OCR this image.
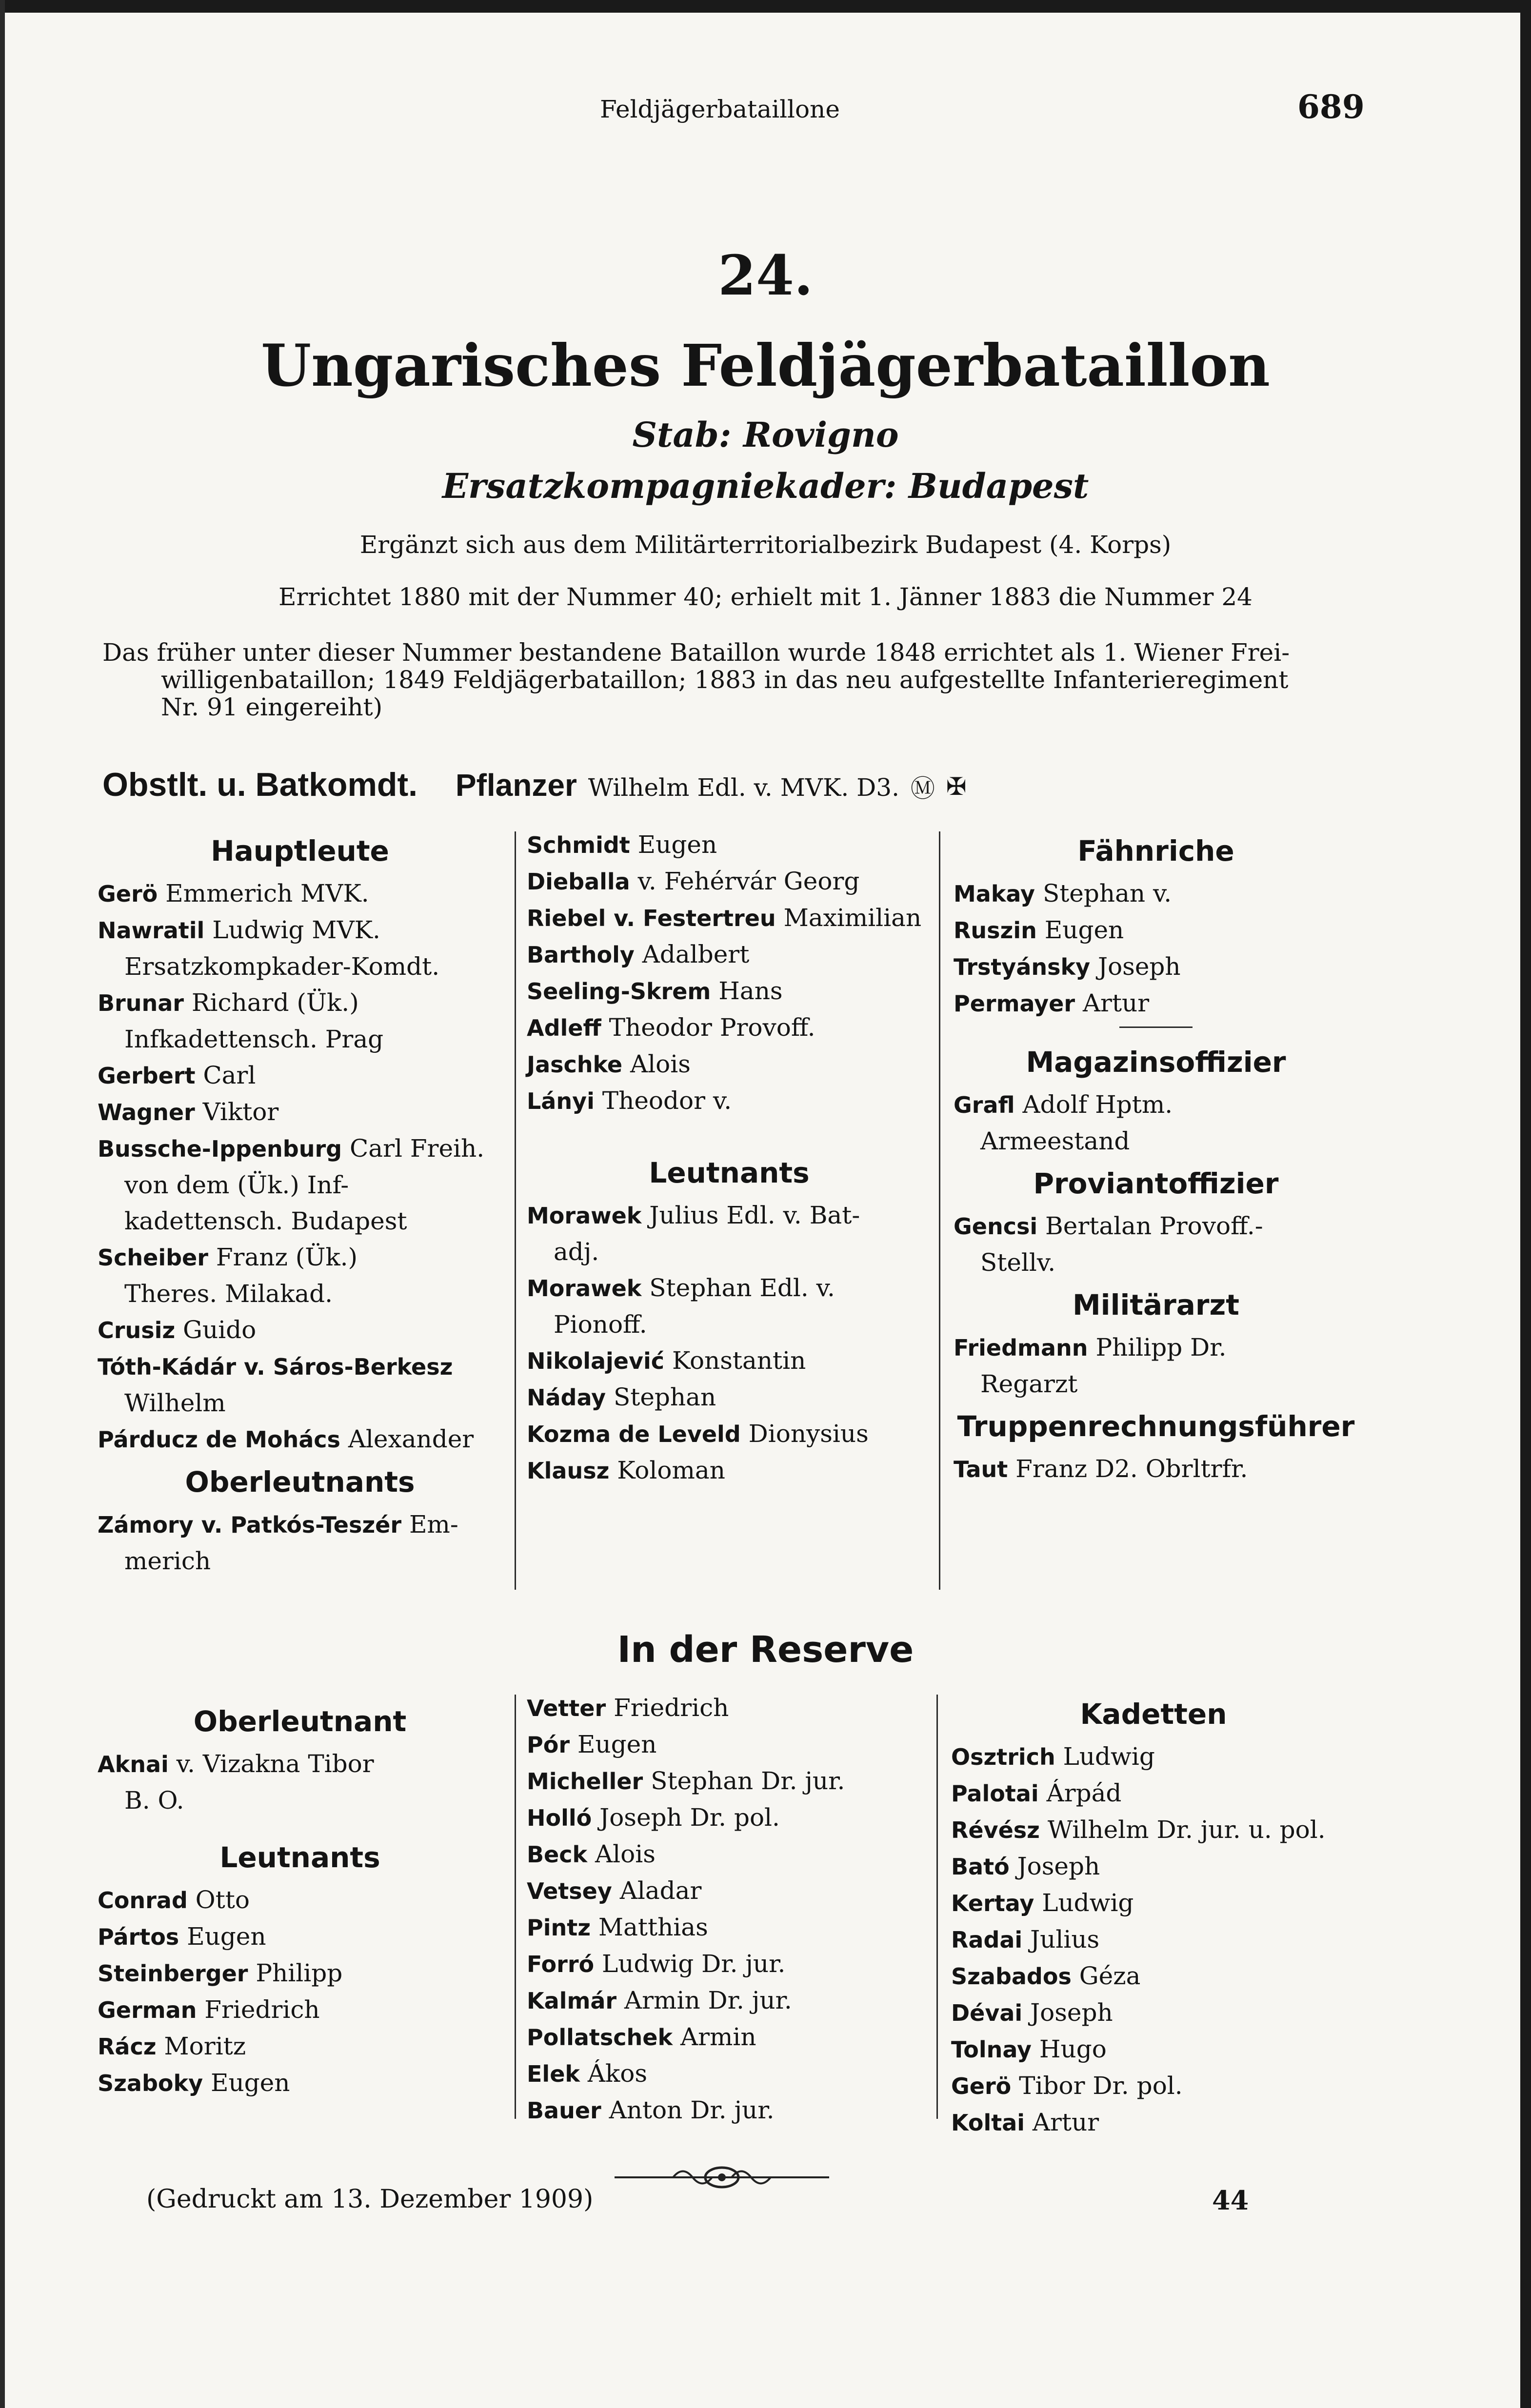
Feldjägerbataillone	689
24.
Ungarisches Feldjägerbataillon
Stab: Rovigno
Ersatzkompagniekader: Budapest
Ergänzt sich aus dem Militärterritorialbezirk Budapest (4. Korps)
Errichtet 1880 mit der Nummer 40; erhielt mit 1. Jänner 1883 die Nummer 24
Das früher unter dieser Nummer bestandene Bataillon wurde 1848 errichtet als 1. Wiener Frei-
willigenbataillon; 1849 Feldjägerbataillon; 1883 in das neu aufgestellte Infanterieregiment
Nr. 91 eingereiht)
Obstlt. u. Batkomdt. Pflanzer Wilhelm Edl. v. MVK. D3. Ⓜ ✠

Hauptleute

Gerö Emmerich MVK.

Nawratil Ludwig MVK.

Ersatzkompkader-Komdt.

Brunar Richard (Ük.)

Infkadettensch. Prag

Gerbert Carl

Wagner Viktor

Bussche-Ippenburg Carl Freih.

von dem (Ük.) Inf-

kadettensch. Budapest

Scheiber Franz (Ük.)

Theres. Milakad.

Crusiz Guido

Tóth-Kádár v. Sáros-Berkesz

Wilhelm

Párducz de Mohács Alexander

Oberleutnants

Zámory v. Patkós-Teszér Em-

merich

Schmidt Eugen

Dieballa v. Fehérvár Georg

Riebel v. Festertreu Maximilian

Bartholy Adalbert

Seeling-Skrem Hans

Adleff Theodor Provoff.

Jaschke Alois

Lányi Theodor v.

Leutnants

Morawek Julius Edl. v. Bat-

adj.

Morawek Stephan Edl. v.

Pionoff.

Nikolajević Konstantin

Náday Stephan

Kozma de Leveld Dionysius

Klausz Koloman

Fähnriche

Makay Stephan v.

Ruszin Eugen

Trstyánsky Joseph

Permayer Artur

Magazinsoffizier

Grafl Adolf Hptm.

Armeestand

Proviantoffizier

Gencsi Bertalan Provoff.-

Stellv.

Militärarzt

Friedmann Philipp Dr.

Regarzt

Truppenrechnungsführer

Taut Franz D2. Obrltrfr.

In der Reserve

Oberleutnant

Aknai v. Vizakna Tibor

B. O.

Leutnants

Conrad Otto

Pártos Eugen

Steinberger Philipp

German Friedrich

Rácz Moritz

Szaboky Eugen

Vetter Friedrich

Pór Eugen

Micheller Stephan Dr. jur.

Holló Joseph Dr. pol.

Beck Alois

Vetsey Aladar

Pintz Matthias

Forró Ludwig Dr. jur.

Kalmár Armin Dr. jur.

Pollatschek Armin

Elek Ákos

Bauer Anton Dr. jur.

Kadetten

Osztrich Ludwig

Palotai Árpád

Révész Wilhelm Dr. jur. u. pol.

Bató Joseph

Kertay Ludwig

Radai Julius

Szabados Géza

Dévai Joseph

Tolnay Hugo

Gerö Tibor Dr. pol.

Koltai Artur

(Gedruckt am 13. Dezember 1909)	44
